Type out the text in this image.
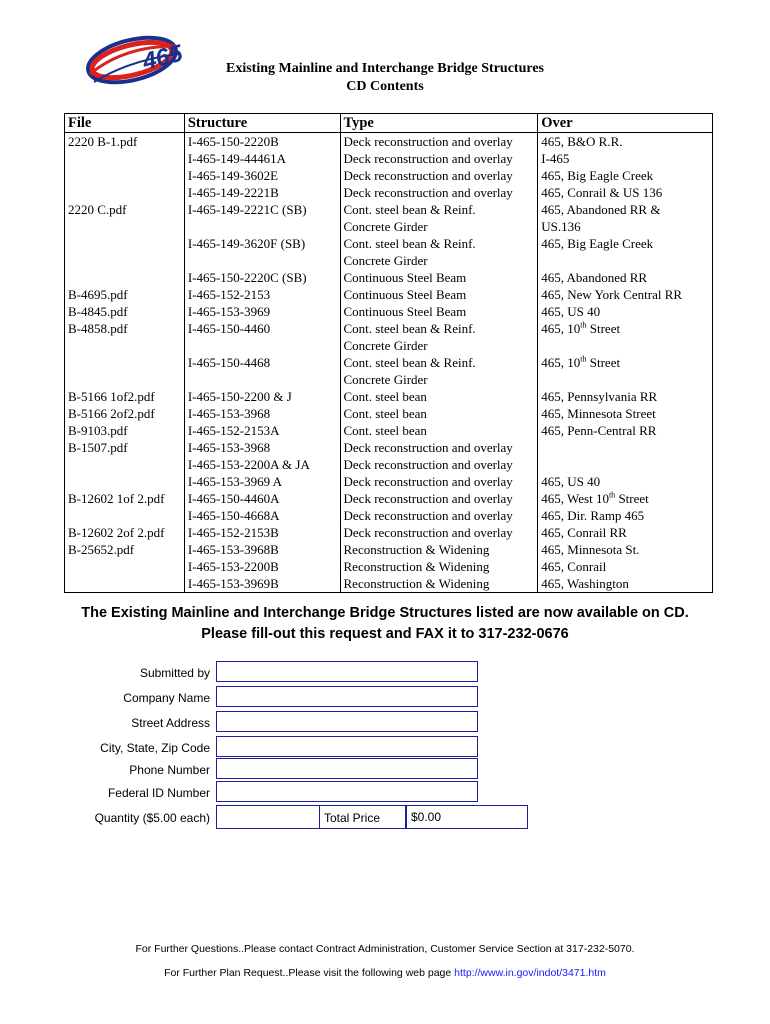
465	Existing Mainline and Interchange Bridge Structures
CD Contents
File	Structure	Type	Over
2220 B-1.pdf	I-465-150-2220B	Deck reconstruction and overlay	465, B&O R.R.
	I-465-149-44461A	Deck reconstruction and overlay	I-465
	I-465-149-3602E	Deck reconstruction and overlay	465, Big Eagle Creek
	I-465-149-2221B	Deck reconstruction and overlay	465, Conrail & US 136
2220 C.pdf	I-465-149-2221C (SB)	Cont. steel bean & Reinf.	465, Abandoned RR &
		Concrete Girder	US.136
	I-465-149-3620F (SB)	Cont. steel bean & Reinf.	465, Big Eagle Creek
		Concrete Girder	
	I-465-150-2220C (SB)	Continuous Steel Beam	465, Abandoned RR
B-4695.pdf	I-465-152-2153	Continuous Steel Beam	465, New York Central RR
B-4845.pdf	I-465-153-3969	Continuous Steel Beam	465, US 40
B-4858.pdf	I-465-150-4460	Cont. steel bean & Reinf.	465, 10th Street
		Concrete Girder	
	I-465-150-4468	Cont. steel bean & Reinf.	465, 10th Street
		Concrete Girder	
B-5166 1of2.pdf	I-465-150-2200 & J	Cont. steel bean	465, Pennsylvania RR
B-5166 2of2.pdf	I-465-153-3968	Cont. steel bean	465, Minnesota Street
B-9103.pdf	I-465-152-2153A	Cont. steel bean	465, Penn-Central RR
B-1507.pdf	I-465-153-3968	Deck reconstruction and overlay	
	I-465-153-2200A & JA	Deck reconstruction and overlay	
	I-465-153-3969 A	Deck reconstruction and overlay	465, US 40
B-12602 1of 2.pdf	I-465-150-4460A	Deck reconstruction and overlay	465, West 10th Street
	I-465-150-4668A	Deck reconstruction and overlay	465, Dir. Ramp 465
B-12602 2of 2.pdf	I-465-152-2153B	Deck reconstruction and overlay	465, Conrail RR
B-25652.pdf	I-465-153-3968B	Reconstruction & Widening	465, Minnesota St.
	I-465-153-2200B	Reconstruction & Widening	465, Conrail
	I-465-153-3969B	Reconstruction & Widening	465, Washington
The Existing Mainline and Interchange Bridge Structures listed are now available on CD.
Please fill-out this request and FAX it to 317-232-0676
Submitted by
Company Name
Street Address
City, State, Zip Code
Phone Number
Federal ID Number
Quantity ($5.00 each)	Total Price	$0.00
For Further Questions..Please contact Contract Administration, Customer Service Section at 317-232-5070.
For Further Plan Request..Please visit the following web page http://www.in.gov/indot/3471.htm
